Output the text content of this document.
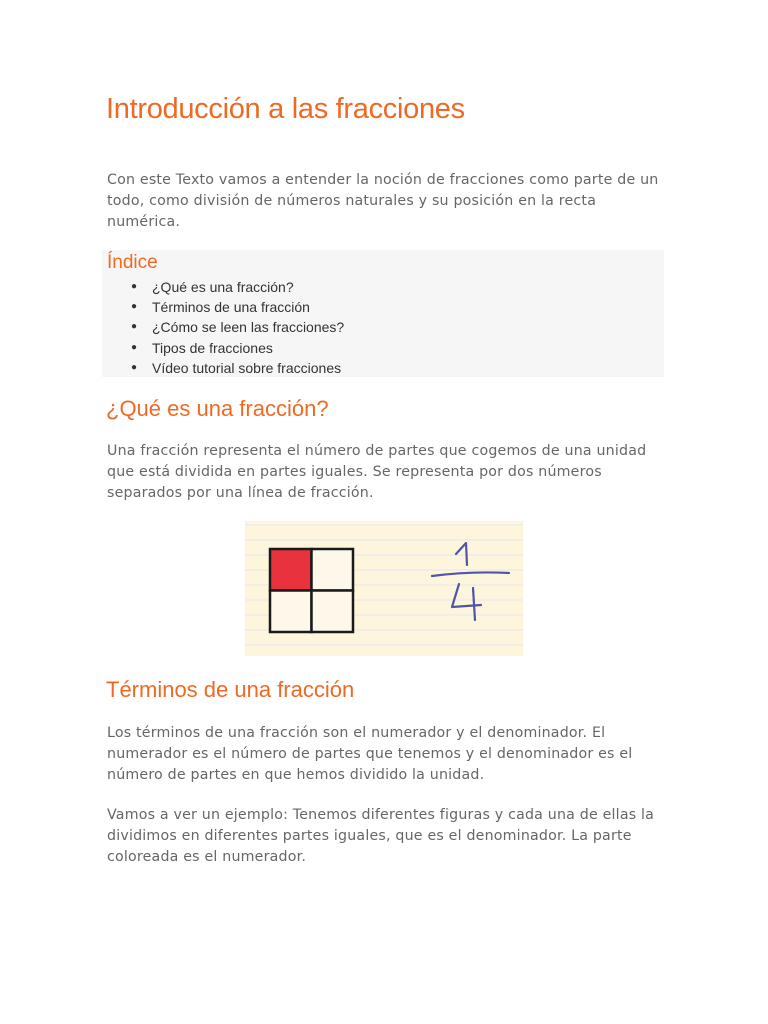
Introducción a las fracciones

Con este Texto vamos a entender la noción de fracciones como parte de un todo, como división de números naturales y su posición en la recta numérica.

Índice
● ¿Qué es una fracción?
● Términos de una fracción
● ¿Cómo se leen las fracciones?
● Tipos de fracciones
● Vídeo tutorial sobre fracciones
¿Qué es una fracción?

Una fracción representa el número de partes que cogemos de una unidad que está dividida en partes iguales. Se representa por dos números separados por una línea de fracción.

Términos de una fracción

Los términos de una fracción son el numerador y el denominador. El numerador es el número de partes que tenemos y el denominador es el número de partes en que hemos dividido la unidad.

Vamos a ver un ejemplo: Tenemos diferentes figuras y cada una de ellas la dividimos en diferentes partes iguales, que es el denominador. La parte coloreada es el numerador.
